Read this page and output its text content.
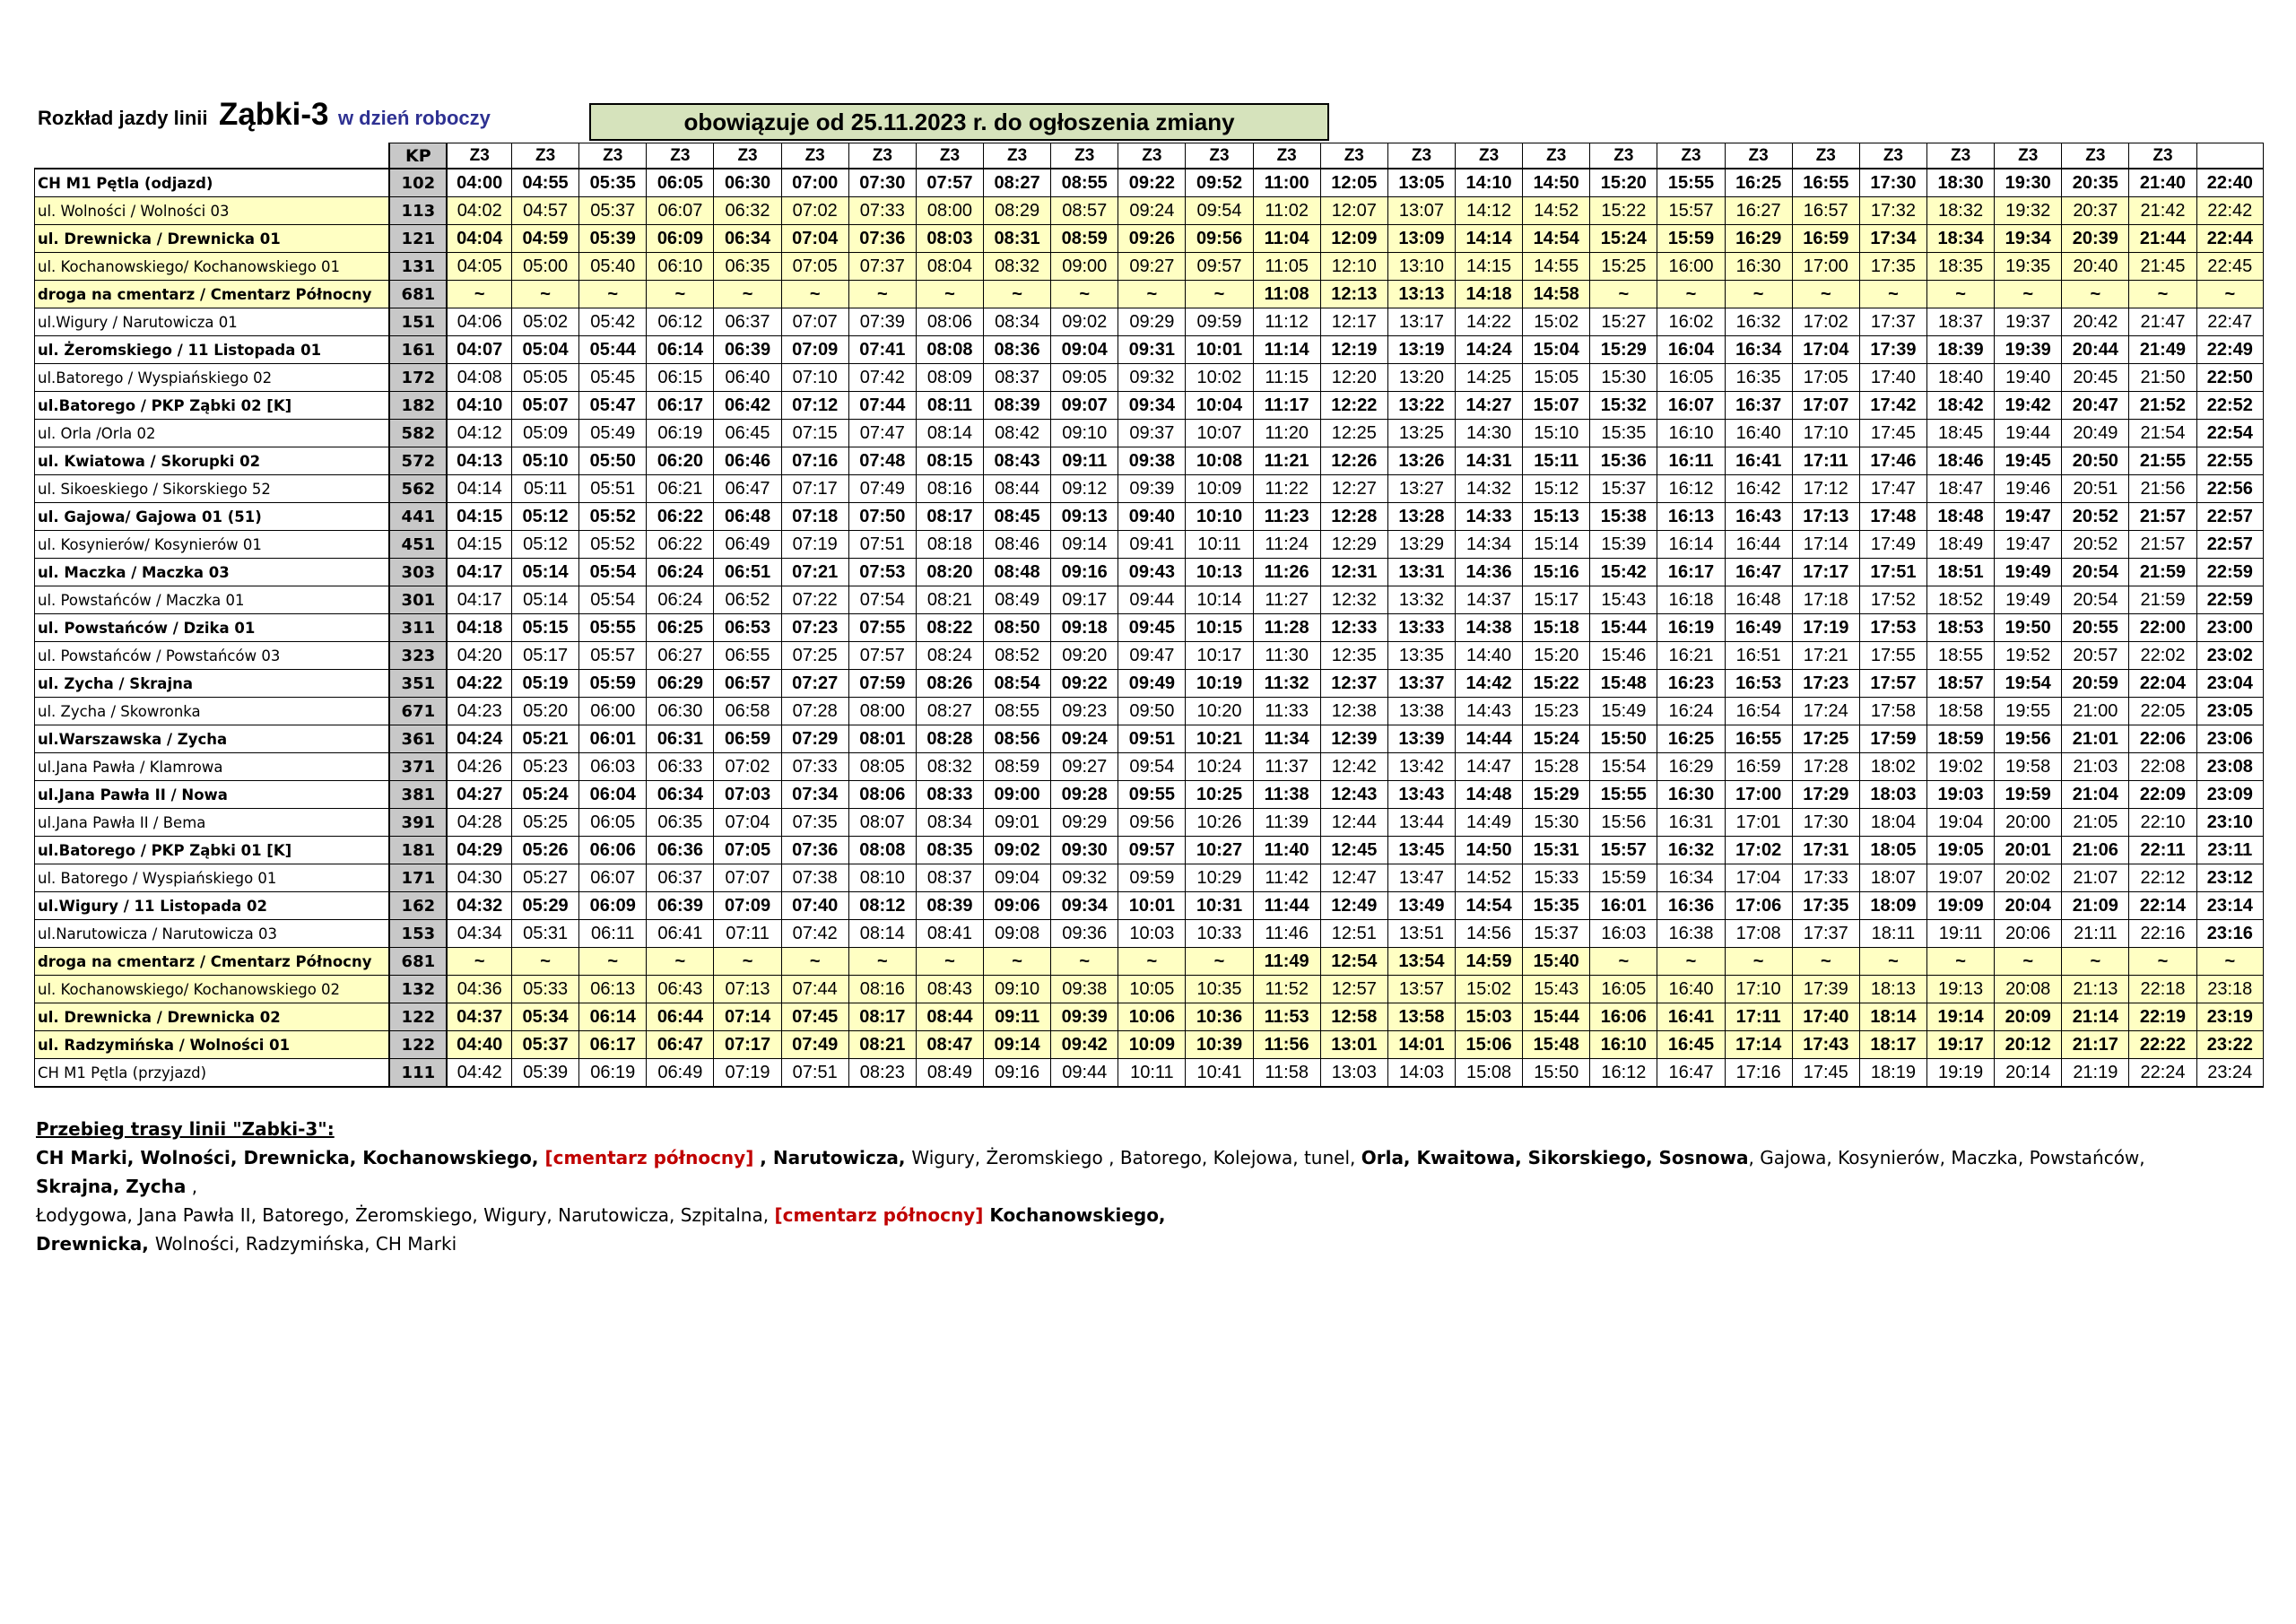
Rozkład jazdy linii Ząbki-3 w dzień roboczy	obowiązuje od 25.11.2023 r. do ogłoszenia zmiany
	KP	Z3	Z3	Z3	Z3	Z3	Z3	Z3	Z3	Z3	Z3	Z3	Z3	Z3	Z3	Z3	Z3	Z3	Z3	Z3	Z3	Z3	Z3	Z3	Z3	Z3	Z3	
CH M1 Pętla (odjazd)	102	04:00	04:55	05:35	06:05	06:30	07:00	07:30	07:57	08:27	08:55	09:22	09:52	11:00	12:05	13:05	14:10	14:50	15:20	15:55	16:25	16:55	17:30	18:30	19:30	20:35	21:40	22:40
ul. Wolności / Wolności 03	113	04:02	04:57	05:37	06:07	06:32	07:02	07:33	08:00	08:29	08:57	09:24	09:54	11:02	12:07	13:07	14:12	14:52	15:22	15:57	16:27	16:57	17:32	18:32	19:32	20:37	21:42	22:42
ul. Drewnicka / Drewnicka 01	121	04:04	04:59	05:39	06:09	06:34	07:04	07:36	08:03	08:31	08:59	09:26	09:56	11:04	12:09	13:09	14:14	14:54	15:24	15:59	16:29	16:59	17:34	18:34	19:34	20:39	21:44	22:44
ul. Kochanowskiego/ Kochanowskiego 01	131	04:05	05:00	05:40	06:10	06:35	07:05	07:37	08:04	08:32	09:00	09:27	09:57	11:05	12:10	13:10	14:15	14:55	15:25	16:00	16:30	17:00	17:35	18:35	19:35	20:40	21:45	22:45
droga na cmentarz / Cmentarz Północny	681	~	~	~	~	~	~	~	~	~	~	~	~	11:08	12:13	13:13	14:18	14:58	~	~	~	~	~	~	~	~	~	~
ul.Wigury / Narutowicza 01	151	04:06	05:02	05:42	06:12	06:37	07:07	07:39	08:06	08:34	09:02	09:29	09:59	11:12	12:17	13:17	14:22	15:02	15:27	16:02	16:32	17:02	17:37	18:37	19:37	20:42	21:47	22:47
ul. Żeromskiego / 11 Listopada 01	161	04:07	05:04	05:44	06:14	06:39	07:09	07:41	08:08	08:36	09:04	09:31	10:01	11:14	12:19	13:19	14:24	15:04	15:29	16:04	16:34	17:04	17:39	18:39	19:39	20:44	21:49	22:49
ul.Batorego / Wyspiańskiego 02	172	04:08	05:05	05:45	06:15	06:40	07:10	07:42	08:09	08:37	09:05	09:32	10:02	11:15	12:20	13:20	14:25	15:05	15:30	16:05	16:35	17:05	17:40	18:40	19:40	20:45	21:50	22:50
ul.Batorego / PKP Ząbki 02 [K]	182	04:10	05:07	05:47	06:17	06:42	07:12	07:44	08:11	08:39	09:07	09:34	10:04	11:17	12:22	13:22	14:27	15:07	15:32	16:07	16:37	17:07	17:42	18:42	19:42	20:47	21:52	22:52
ul. Orla /Orla 02	582	04:12	05:09	05:49	06:19	06:45	07:15	07:47	08:14	08:42	09:10	09:37	10:07	11:20	12:25	13:25	14:30	15:10	15:35	16:10	16:40	17:10	17:45	18:45	19:44	20:49	21:54	22:54
ul. Kwiatowa / Skorupki 02	572	04:13	05:10	05:50	06:20	06:46	07:16	07:48	08:15	08:43	09:11	09:38	10:08	11:21	12:26	13:26	14:31	15:11	15:36	16:11	16:41	17:11	17:46	18:46	19:45	20:50	21:55	22:55
ul. Sikoeskiego / Sikorskiego 52	562	04:14	05:11	05:51	06:21	06:47	07:17	07:49	08:16	08:44	09:12	09:39	10:09	11:22	12:27	13:27	14:32	15:12	15:37	16:12	16:42	17:12	17:47	18:47	19:46	20:51	21:56	22:56
ul. Gajowa/ Gajowa 01 (51)	441	04:15	05:12	05:52	06:22	06:48	07:18	07:50	08:17	08:45	09:13	09:40	10:10	11:23	12:28	13:28	14:33	15:13	15:38	16:13	16:43	17:13	17:48	18:48	19:47	20:52	21:57	22:57
ul. Kosynierów/ Kosynierów 01	451	04:15	05:12	05:52	06:22	06:49	07:19	07:51	08:18	08:46	09:14	09:41	10:11	11:24	12:29	13:29	14:34	15:14	15:39	16:14	16:44	17:14	17:49	18:49	19:47	20:52	21:57	22:57
ul. Maczka / Maczka 03	303	04:17	05:14	05:54	06:24	06:51	07:21	07:53	08:20	08:48	09:16	09:43	10:13	11:26	12:31	13:31	14:36	15:16	15:42	16:17	16:47	17:17	17:51	18:51	19:49	20:54	21:59	22:59
ul. Powstańców / Maczka 01	301	04:17	05:14	05:54	06:24	06:52	07:22	07:54	08:21	08:49	09:17	09:44	10:14	11:27	12:32	13:32	14:37	15:17	15:43	16:18	16:48	17:18	17:52	18:52	19:49	20:54	21:59	22:59
ul. Powstańców / Dzika 01	311	04:18	05:15	05:55	06:25	06:53	07:23	07:55	08:22	08:50	09:18	09:45	10:15	11:28	12:33	13:33	14:38	15:18	15:44	16:19	16:49	17:19	17:53	18:53	19:50	20:55	22:00	23:00
ul. Powstańców / Powstańców 03	323	04:20	05:17	05:57	06:27	06:55	07:25	07:57	08:24	08:52	09:20	09:47	10:17	11:30	12:35	13:35	14:40	15:20	15:46	16:21	16:51	17:21	17:55	18:55	19:52	20:57	22:02	23:02
ul. Zycha / Skrajna	351	04:22	05:19	05:59	06:29	06:57	07:27	07:59	08:26	08:54	09:22	09:49	10:19	11:32	12:37	13:37	14:42	15:22	15:48	16:23	16:53	17:23	17:57	18:57	19:54	20:59	22:04	23:04
ul. Zycha / Skowronka	671	04:23	05:20	06:00	06:30	06:58	07:28	08:00	08:27	08:55	09:23	09:50	10:20	11:33	12:38	13:38	14:43	15:23	15:49	16:24	16:54	17:24	17:58	18:58	19:55	21:00	22:05	23:05
ul.Warszawska / Zycha	361	04:24	05:21	06:01	06:31	06:59	07:29	08:01	08:28	08:56	09:24	09:51	10:21	11:34	12:39	13:39	14:44	15:24	15:50	16:25	16:55	17:25	17:59	18:59	19:56	21:01	22:06	23:06
ul.Jana Pawła / Klamrowa	371	04:26	05:23	06:03	06:33	07:02	07:33	08:05	08:32	08:59	09:27	09:54	10:24	11:37	12:42	13:42	14:47	15:28	15:54	16:29	16:59	17:28	18:02	19:02	19:58	21:03	22:08	23:08
ul.Jana Pawła II / Nowa	381	04:27	05:24	06:04	06:34	07:03	07:34	08:06	08:33	09:00	09:28	09:55	10:25	11:38	12:43	13:43	14:48	15:29	15:55	16:30	17:00	17:29	18:03	19:03	19:59	21:04	22:09	23:09
ul.Jana Pawła II / Bema	391	04:28	05:25	06:05	06:35	07:04	07:35	08:07	08:34	09:01	09:29	09:56	10:26	11:39	12:44	13:44	14:49	15:30	15:56	16:31	17:01	17:30	18:04	19:04	20:00	21:05	22:10	23:10
ul.Batorego / PKP Ząbki 01 [K]	181	04:29	05:26	06:06	06:36	07:05	07:36	08:08	08:35	09:02	09:30	09:57	10:27	11:40	12:45	13:45	14:50	15:31	15:57	16:32	17:02	17:31	18:05	19:05	20:01	21:06	22:11	23:11
ul. Batorego / Wyspiańskiego 01	171	04:30	05:27	06:07	06:37	07:07	07:38	08:10	08:37	09:04	09:32	09:59	10:29	11:42	12:47	13:47	14:52	15:33	15:59	16:34	17:04	17:33	18:07	19:07	20:02	21:07	22:12	23:12
ul.Wigury / 11 Listopada 02	162	04:32	05:29	06:09	06:39	07:09	07:40	08:12	08:39	09:06	09:34	10:01	10:31	11:44	12:49	13:49	14:54	15:35	16:01	16:36	17:06	17:35	18:09	19:09	20:04	21:09	22:14	23:14
ul.Narutowicza / Narutowicza 03	153	04:34	05:31	06:11	06:41	07:11	07:42	08:14	08:41	09:08	09:36	10:03	10:33	11:46	12:51	13:51	14:56	15:37	16:03	16:38	17:08	17:37	18:11	19:11	20:06	21:11	22:16	23:16
droga na cmentarz / Cmentarz Północny	681	~	~	~	~	~	~	~	~	~	~	~	~	11:49	12:54	13:54	14:59	15:40	~	~	~	~	~	~	~	~	~	~
ul. Kochanowskiego/ Kochanowskiego 02	132	04:36	05:33	06:13	06:43	07:13	07:44	08:16	08:43	09:10	09:38	10:05	10:35	11:52	12:57	13:57	15:02	15:43	16:05	16:40	17:10	17:39	18:13	19:13	20:08	21:13	22:18	23:18
ul. Drewnicka / Drewnicka 02	122	04:37	05:34	06:14	06:44	07:14	07:45	08:17	08:44	09:11	09:39	10:06	10:36	11:53	12:58	13:58	15:03	15:44	16:06	16:41	17:11	17:40	18:14	19:14	20:09	21:14	22:19	23:19
ul. Radzymińska / Wolności 01	122	04:40	05:37	06:17	06:47	07:17	07:49	08:21	08:47	09:14	09:42	10:09	10:39	11:56	13:01	14:01	15:06	15:48	16:10	16:45	17:14	17:43	18:17	19:17	20:12	21:17	22:22	23:22
CH M1 Pętla (przyjazd)	111	04:42	05:39	06:19	06:49	07:19	07:51	08:23	08:49	09:16	09:44	10:11	10:41	11:58	13:03	14:03	15:08	15:50	16:12	16:47	17:16	17:45	18:19	19:19	20:14	21:19	22:24	23:24
Przebieg trasy linii "Zabki-3":
CH Marki, Wolności, Drewnicka, Kochanowskiego, [cmentarz północny] , Narutowicza, Wigury, Żeromskiego , Batorego, Kolejowa, tunel, Orla, Kwaitowa, Sikorskiego, Sosnowa, Gajowa, Kosynierów, Maczka, Powstańców, Skrajna, Zycha ,
Łodygowa, Jana Pawła II, Batorego, Żeromskiego, Wigury, Narutowicza, Szpitalna, [cmentarz północny] Kochanowskiego,
Drewnicka, Wolności, Radzymińska, CH Marki
